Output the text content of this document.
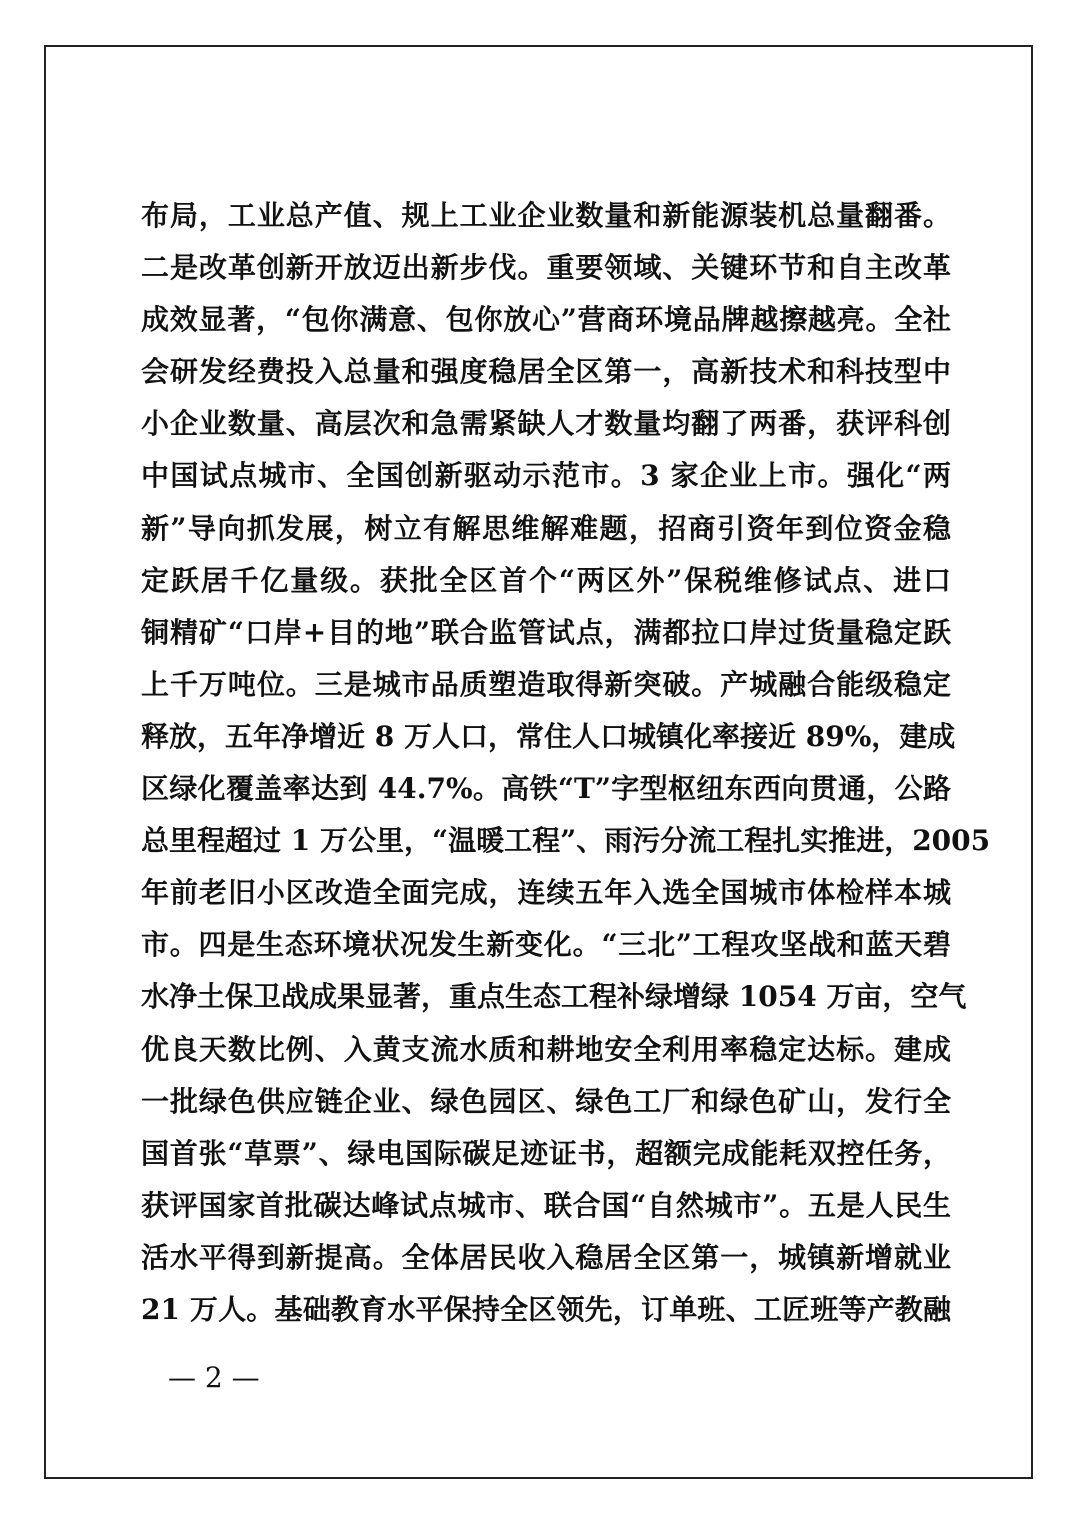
布局，工业总产值、规上工业企业数量和新能源装机总量翻番。
二是改革创新开放迈出新步伐。重要领域、关键环节和自主改革
成效显著，“包你满意、包你放心”营商环境品牌越擦越亮。全社
会研发经费投入总量和强度稳居全区第一，高新技术和科技型中
小企业数量、高层次和急需紧缺人才数量均翻了两番，获评科创
中国试点城市、全国创新驱动示范市。3 家企业上市。强化“两
新”导向抓发展，树立有解思维解难题，招商引资年到位资金稳
定跃居千亿量级。获批全区首个“两区外”保税维修试点、进口
铜精矿“口岸+目的地”联合监管试点，满都拉口岸过货量稳定跃
上千万吨位。三是城市品质塑造取得新突破。产城融合能级稳定
释放，五年净增近 8 万人口，常住人口城镇化率接近 89%，建成
区绿化覆盖率达到 44.7%。高铁“T”字型枢纽东西向贯通，公路
总里程超过 1 万公里，“温暖工程”、雨污分流工程扎实推进，2005
年前老旧小区改造全面完成，连续五年入选全国城市体检样本城
市。四是生态环境状况发生新变化。“三北”工程攻坚战和蓝天碧
水净土保卫战成果显著，重点生态工程补绿增绿 1054 万亩，空气
优良天数比例、入黄支流水质和耕地安全利用率稳定达标。建成
一批绿色供应链企业、绿色园区、绿色工厂和绿色矿山，发行全
国首张“草票”、绿电国际碳足迹证书，超额完成能耗双控任务，
获评国家首批碳达峰试点城市、联合国“自然城市”。五是人民生
活水平得到新提高。全体居民收入稳居全区第一，城镇新增就业
21 万人。基础教育水平保持全区领先，订单班、工匠班等产教融
— 2 —
